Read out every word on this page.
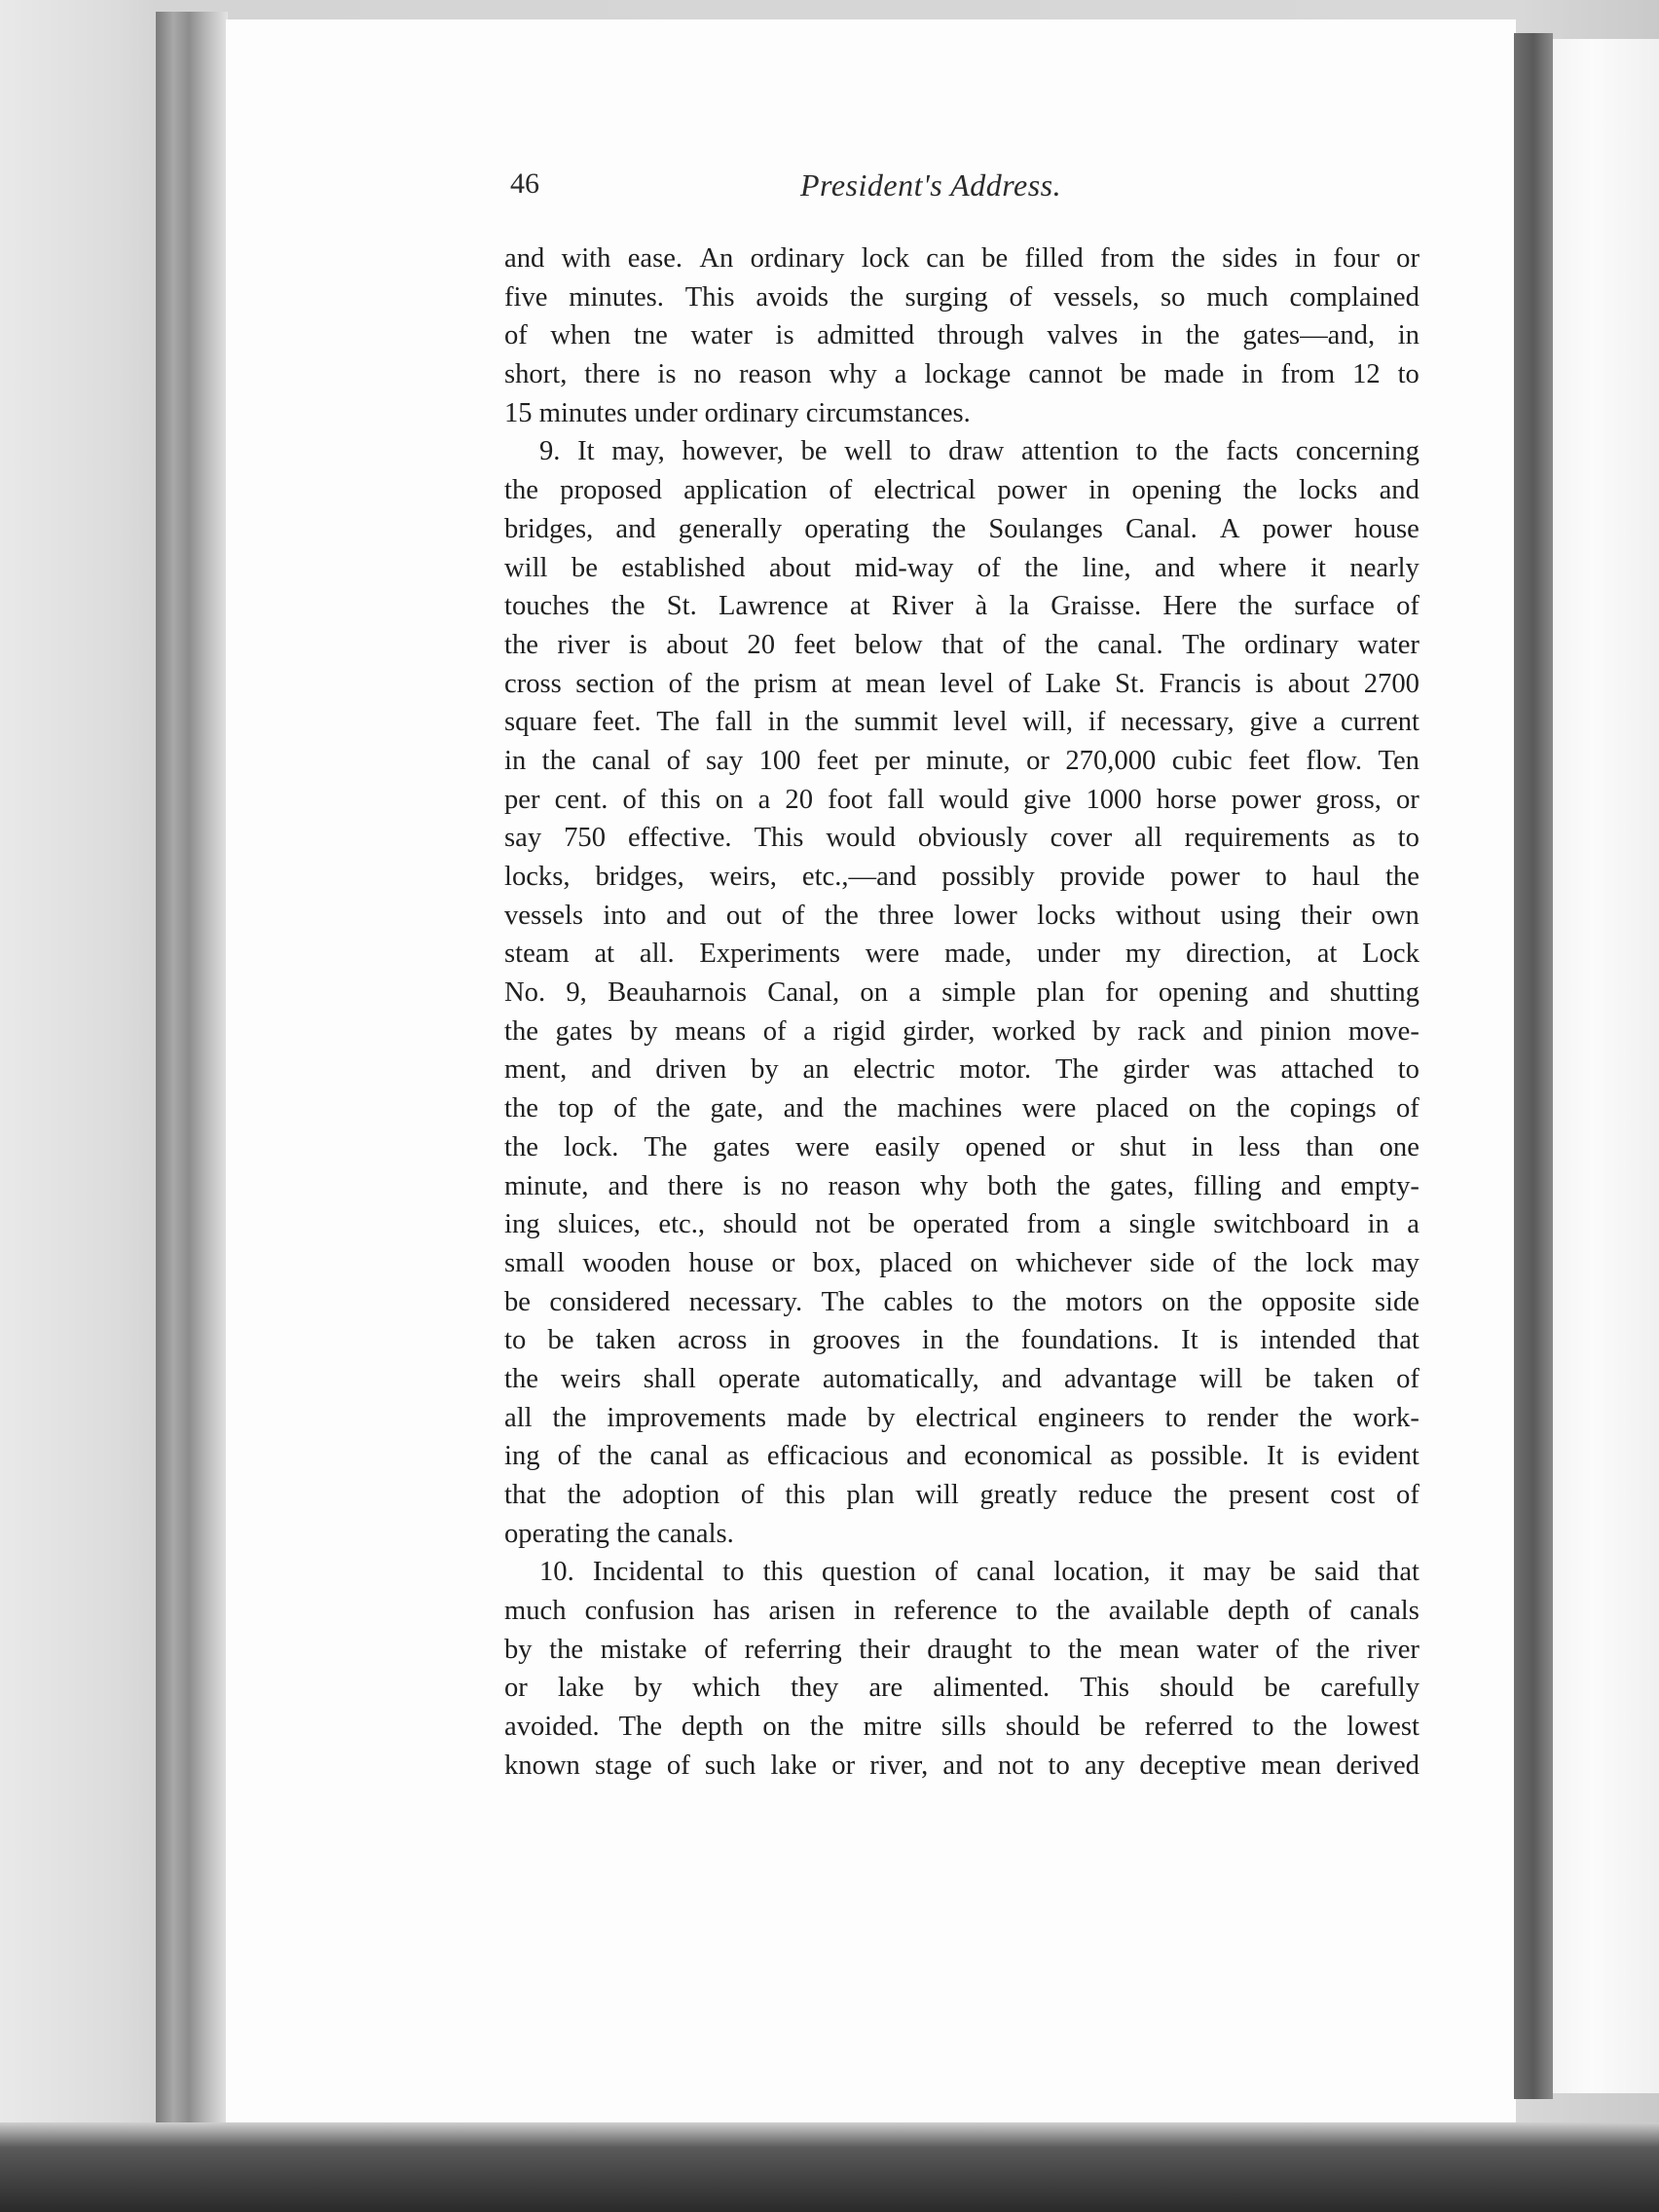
46	President's Address.
and with ease. An ordinary lock can be filled from the sides in four or
five minutes. This avoids the surging of vessels, so much complained
of when tne water is admitted through valves in the gates—and, in
short, there is no reason why a lockage cannot be made in from 12 to
15 minutes under ordinary circumstances.
9. It may, however, be well to draw attention to the facts concerning
the proposed application of electrical power in opening the locks and
bridges, and generally operating the Soulanges Canal. A power house
will be established about mid-way of the line, and where it nearly
touches the St. Lawrence at River à la Graisse. Here the surface of
the river is about 20 feet below that of the canal. The ordinary water
cross section of the prism at mean level of Lake St. Francis is about 2700
square feet. The fall in the summit level will, if necessary, give a current
in the canal of say 100 feet per minute, or 270,000 cubic feet flow. Ten
per cent. of this on a 20 foot fall would give 1000 horse power gross, or
say 750 effective. This would obviously cover all requirements as to
locks, bridges, weirs, etc.,—and possibly provide power to haul the
vessels into and out of the three lower locks without using their own
steam at all. Experiments were made, under my direction, at Lock
No. 9, Beauharnois Canal, on a simple plan for opening and shutting
the gates by means of a rigid girder, worked by rack and pinion move-
ment, and driven by an electric motor. The girder was attached to
the top of the gate, and the machines were placed on the copings of
the lock. The gates were easily opened or shut in less than one
minute, and there is no reason why both the gates, filling and empty-
ing sluices, etc., should not be operated from a single switchboard in a
small wooden house or box, placed on whichever side of the lock may
be considered necessary. The cables to the motors on the opposite side
to be taken across in grooves in the foundations. It is intended that
the weirs shall operate automatically, and advantage will be taken of
all the improvements made by electrical engineers to render the work-
ing of the canal as efficacious and economical as possible. It is evident
that the adoption of this plan will greatly reduce the present cost of
operating the canals.
10. Incidental to this question of canal location, it may be said that
much confusion has arisen in reference to the available depth of canals
by the mistake of referring their draught to the mean water of the river
or lake by which they are alimented. This should be carefully
avoided. The depth on the mitre sills should be referred to the lowest
known stage of such lake or river, and not to any deceptive mean derived
